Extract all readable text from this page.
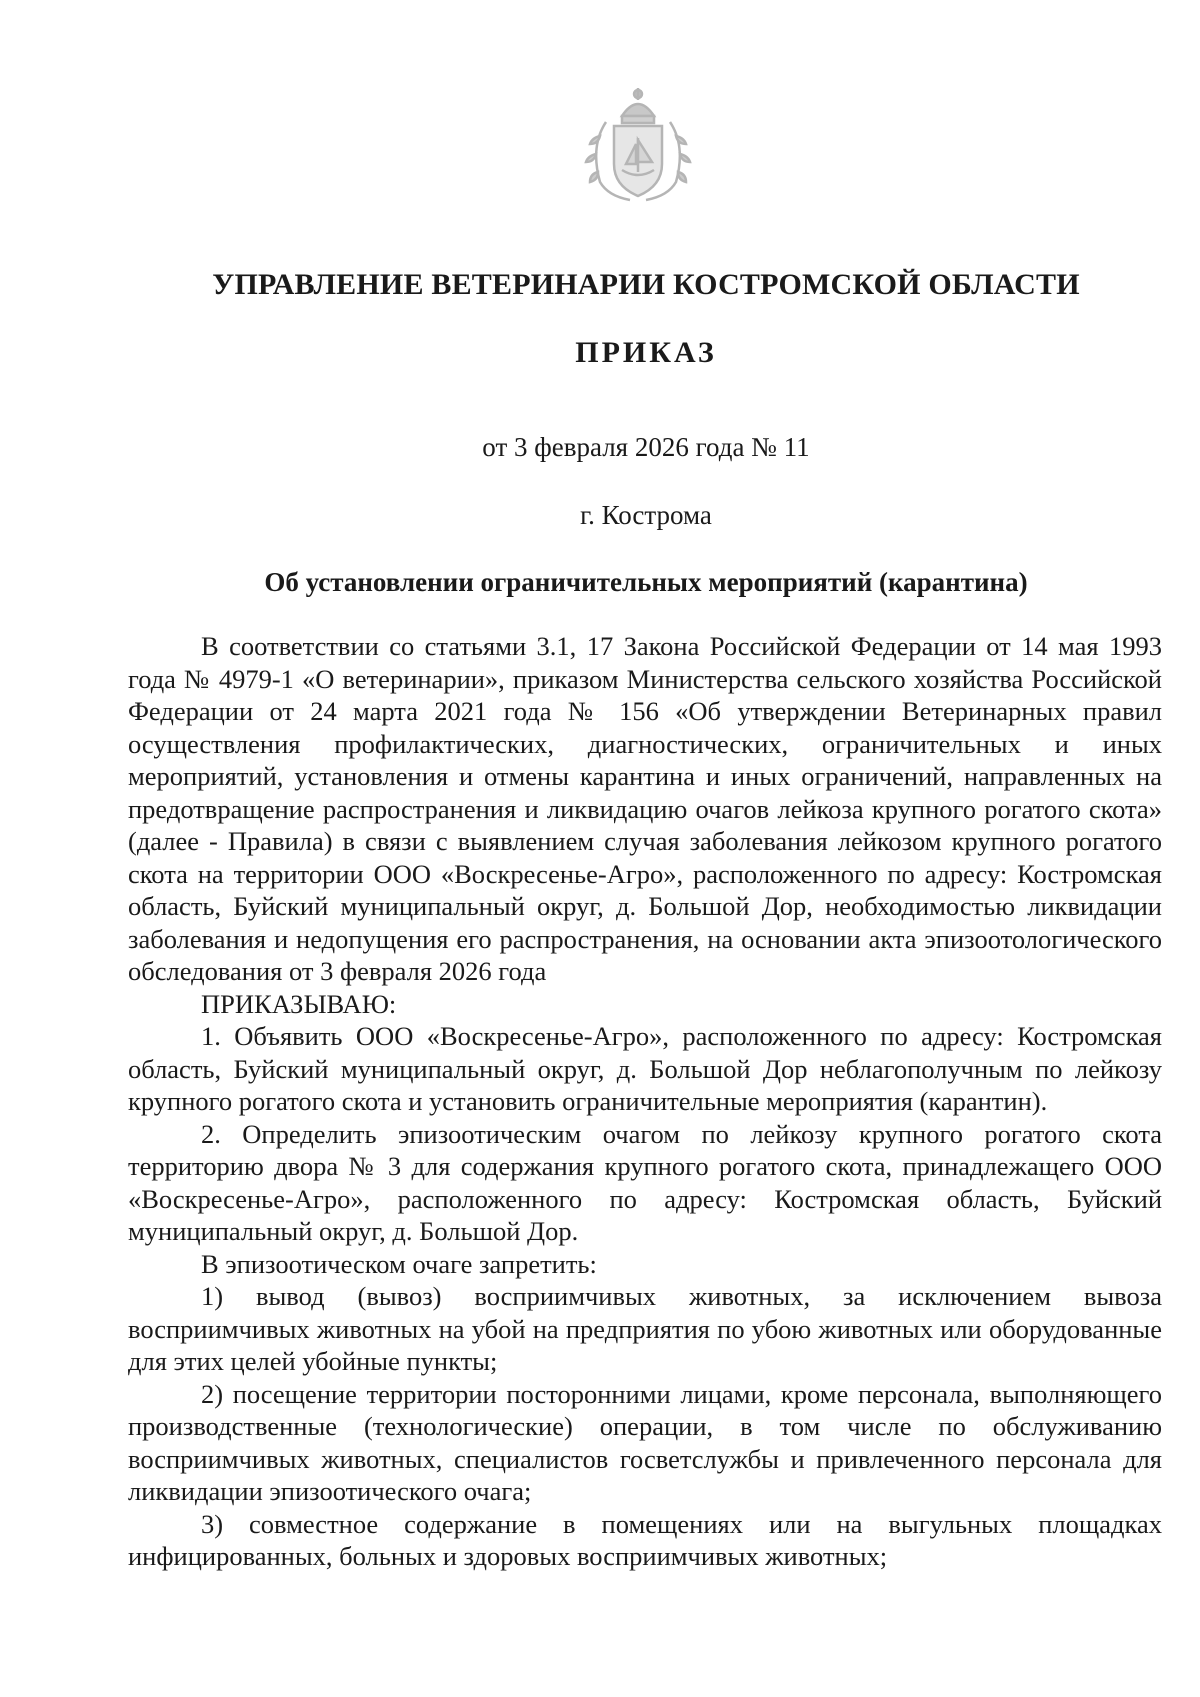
УПРАВЛЕНИЕ ВЕТЕРИНАРИИ КОСТРОМСКОЙ ОБЛАСТИ
ПРИКАЗ
от 3 февраля 2026 года № 11
г. Кострома
Об установлении ограничительных мероприятий (карантина)

В соответствии со статьями 3.1, 17 Закона Российской Федерации от 14 мая 1993 года № 4979-1 «О ветеринарии», приказом Министерства сельского хозяйства Российской Федерации от 24 марта 2021 года № 156 «Об утверждении Ветеринарных правил осуществления профилактических, диагностических, ограничительных и иных мероприятий, установления и отмены карантина и иных ограничений, направленных на предотвращение распространения и ликвидацию очагов лейкоза крупного рогатого скота» (далее - Правила) в связи с выявлением случая заболевания лейкозом крупного рогатого скота на территории ООО «Воскресенье-Агро», расположенного по адресу: Костромская область, Буйский муниципальный округ, д. Большой Дор, необходимостью ликвидации заболевания и недопущения его распространения, на основании акта эпизоотологического обследования от 3 февраля 2026 года

ПРИКАЗЫВАЮ:

1. Объявить ООО «Воскресенье-Агро», расположенного по адресу: Костромская область, Буйский муниципальный округ, д. Большой Дор неблагополучным по лейкозу крупного рогатого скота и установить ограничительные мероприятия (карантин).

2. Определить эпизоотическим очагом по лейкозу крупного рогатого скота территорию двора № 3 для содержания крупного рогатого скота, принадлежащего ООО «Воскресенье-Агро», расположенного по адресу: Костромская область, Буйский муниципальный округ, д. Большой Дор.

В эпизоотическом очаге запретить:

1) вывод (вывоз) восприимчивых животных, за исключением вывоза восприимчивых животных на убой на предприятия по убою животных или оборудованные для этих целей убойные пункты;

2) посещение территории посторонними лицами, кроме персонала, выполняющего производственные (технологические) операции, в том числе по обслуживанию восприимчивых животных, специалистов госветслужбы и привлеченного персонала для ликвидации эпизоотического очага;

3) совместное содержание в помещениях или на выгульных площадках инфицированных, больных и здоровых восприимчивых животных;
